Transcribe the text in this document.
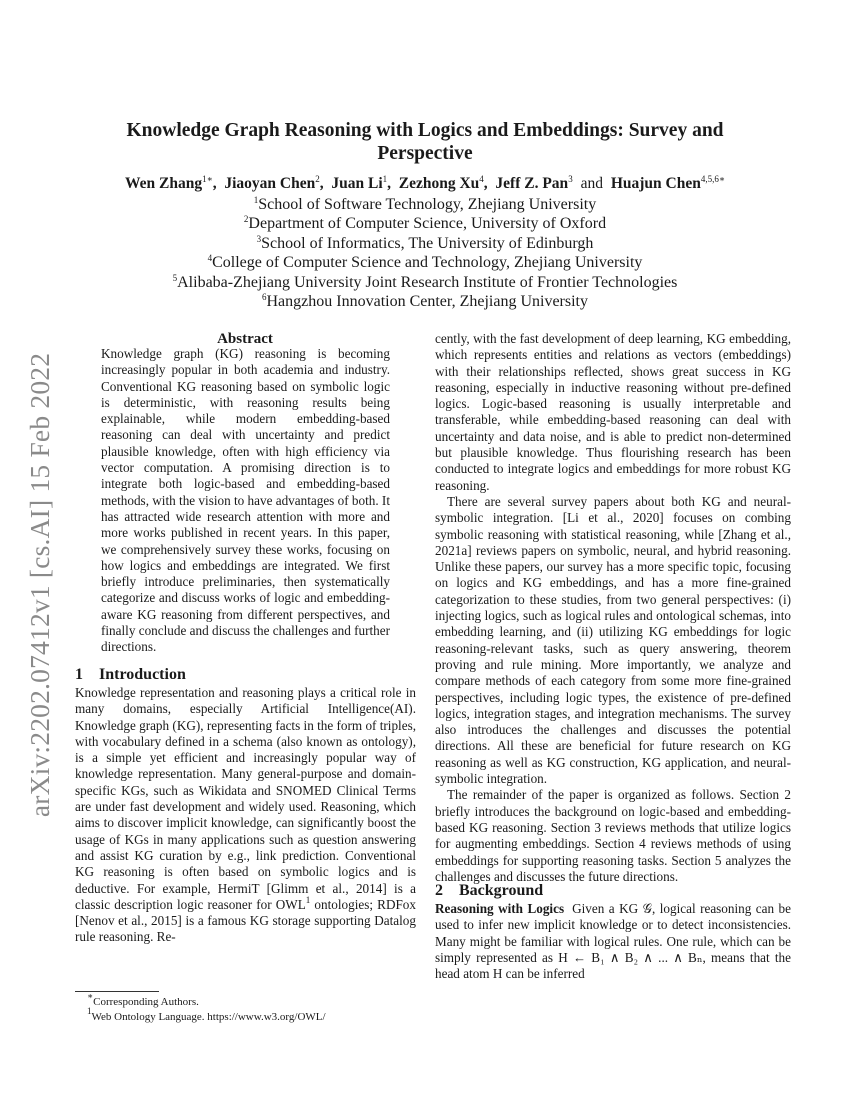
Knowledge Graph Reasoning with Logics and Embeddings: Survey and Perspective
Wen Zhang$^{1∗}$,  Jiaoyan Chen$^2$,  Juan Li$^1$,  Zezhong Xu$^4$,  Jeff Z. Pan$^3$ and Huajun Chen$^{4,5,6∗}$
$^1$School of Software Technology, Zhejiang University
$^2$Department of Computer Science, University of Oxford
$^3$School of Informatics, The University of Edinburgh
$^4$College of Computer Science and Technology, Zhejiang University
$^5$Alibaba-Zhejiang University Joint Research Institute of Frontier Technologies
$^6$Hangzhou Innovation Center, Zhejiang University
arXiv:2202.07412v1 [cs.AI] 15 Feb 2022
Abstract

Knowledge graph (KG) reasoning is becoming increasingly popular in both academia and industry. Conventional KG reasoning based on symbolic logic is deterministic, with reasoning results being explainable, while modern embedding-based reasoning can deal with uncertainty and predict plausible knowledge, often with high efficiency via vector computation. A promising direction is to integrate both logic-based and embedding-based methods, with the vision to have advantages of both. It has attracted wide research attention with more and more works published in recent years. In this paper, we comprehensively survey these works, focusing on how logics and embeddings are integrated. We first briefly introduce preliminaries, then systematically categorize and discuss works of logic and embedding-aware KG reasoning from different perspectives, and finally conclude and discuss the challenges and further directions.

1 Introduction

Knowledge representation and reasoning plays a critical role in many domains, especially Artificial Intelligence(AI). Knowledge graph (KG), representing facts in the form of triples, with vocabulary defined in a schema (also known as ontology), is a simple yet efficient and increasingly popular way of knowledge representation. Many general-purpose and domain-specific KGs, such as Wikidata and SNOMED Clinical Terms are under fast development and widely used. Reasoning, which aims to discover implicit knowledge, can significantly boost the usage of KGs in many applications such as question answering and assist KG curation by e.g., link prediction. Conventional KG reasoning is often based on symbolic logics and is deductive. For example, HermiT [Glimm et al., 2014] is a classic description logic reasoner for OWL$^1$ ontologies; RDFox [Nenov et al., 2015] is a famous KG storage supporting Datalog rule reasoning. Re-

∗Corresponding Authors.
$^1$Web Ontology Language. https://www.w3.org/OWL/

cently, with the fast development of deep learning, KG embedding, which represents entities and relations as vectors (embeddings) with their relationships reflected, shows great success in KG reasoning, especially in inductive reasoning without pre-defined logics. Logic-based reasoning is usually interpretable and transferable, while embedding-based reasoning can deal with uncertainty and data noise, and is able to predict non-determined but plausible knowledge. Thus flourishing research has been conducted to integrate logics and embeddings for more robust KG reasoning.

There are several survey papers about both KG and neural-symbolic integration. [Li et al., 2020] focuses on combing symbolic reasoning with statistical reasoning, while [Zhang et al., 2021a] reviews papers on symbolic, neural, and hybrid reasoning. Unlike these papers, our survey has a more specific topic, focusing on logics and KG embeddings, and has a more fine-grained categorization to these studies, from two general perspectives: (i) injecting logics, such as logical rules and ontological schemas, into embedding learning, and (ii) utilizing KG embeddings for logic reasoning-relevant tasks, such as query answering, theorem proving and rule mining. More importantly, we analyze and compare methods of each category from some more fine-grained perspectives, including logic types, the existence of pre-defined logics, integration stages, and integration mechanisms. The survey also introduces the challenges and discusses the potential directions. All these are beneficial for future research on KG reasoning as well as KG construction, KG application, and neural-symbolic integration.

The remainder of the paper is organized as follows. Section 2 briefly introduces the background on logic-based and embedding-based KG reasoning. Section 3 reviews methods that utilize logics for augmenting embeddings. Section 4 reviews methods of using embeddings for supporting reasoning tasks. Section 5 analyzes the challenges and discusses the future directions.

2 Background

Reasoning with Logics Given a KG 𝒢, logical reasoning can be used to infer new implicit knowledge or to detect inconsistencies. Many might be familiar with logical rules. One rule, which can be simply represented as H ← B₁ ∧ B₂ ∧ ... ∧ Bₙ, means that the head atom H can be inferred
